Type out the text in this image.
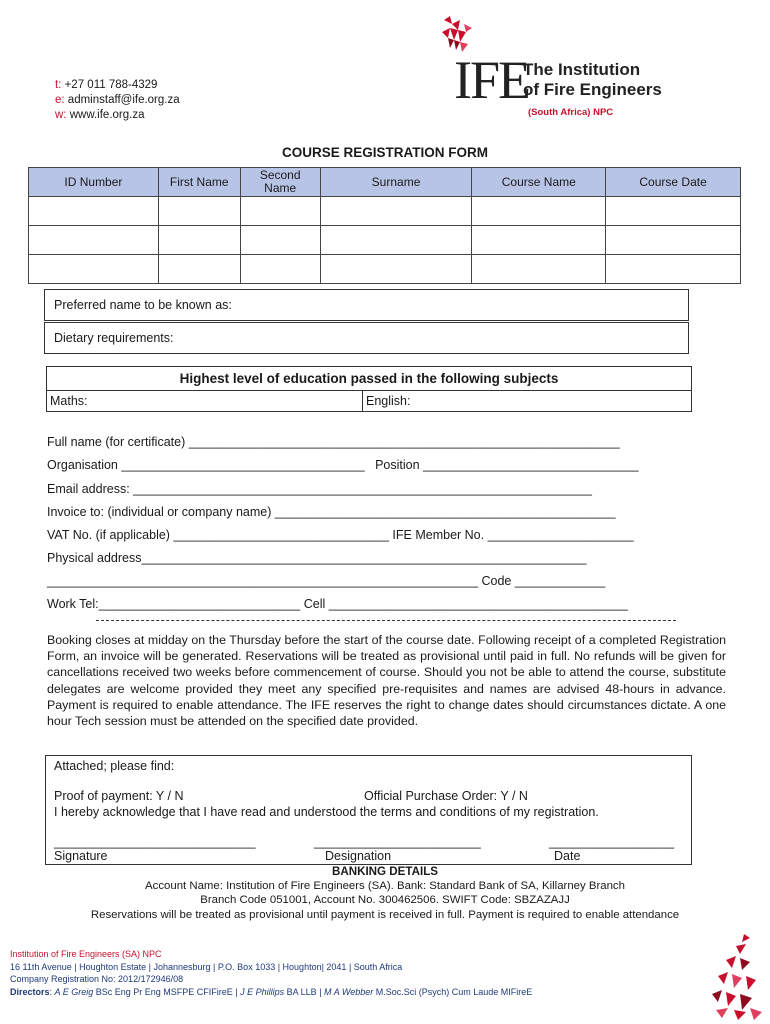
t: +27 011 788-4329
e: adminstaff@ife.org.za
w: www.ife.org.za
IFE
The Institution
of Fire Engineers
(South Africa) NPC
COURSE REGISTRATION FORM
ID Number	First Name	Second Name	Surname	Course Name	Course Date

Preferred name to be known as:
Dietary requirements:
Highest level of education passed in the following subjects
Maths:	English:
Full name (for certificate) ______________________________________________________________
Organisation ___________________________________   Position _______________________________
Email address: __________________________________________________________________
Invoice to: (individual or company name) _________________________________________________
VAT No. (if applicable) _______________________________ IFE Member No. _____________________
Physical address________________________________________________________________
______________________________________________________________ Code _____________
Work Tel:_____________________________ Cell ___________________________________________
Booking closes at midday on the Thursday before the start of the course date. Following receipt of a completed Registration Form, an invoice will be generated. Reservations will be treated as provisional until paid in full. No refunds will be given for cancellations received two weeks before commencement of course. Should you not be able to attend the course, substitute delegates are welcome provided they meet any specified pre-requisites and names are advised 48-hours in advance. Payment is required to enable attendance. The IFE reserves the right to change dates should circumstances dictate. A one hour Tech session must be attended on the specified date provided.
Attached; please find:
Proof of payment: Y / N	Official Purchase Order: Y / N
I hereby acknowledge that I have read and understood the terms and conditions of my registration.
_____________________________	________________________	__________________
Signature	Designation	Date
BANKING DETAILS
Account Name: Institution of Fire Engineers (SA). Bank: Standard Bank of SA, Killarney Branch
Branch Code 051001, Account No. 300462506. SWIFT Code: SBZAZAJJ
Reservations will be treated as provisional until payment is received in full. Payment is required to enable attendance
Institution of Fire Engineers (SA) NPC
16 11th Avenue | Houghton Estate | Johannesburg | P.O. Box 1033 | Houghton| 2041 | South Africa
Company Registration No: 2012/172946/08
Directors: A E Greig BSc Eng Pr Eng MSFPE CFIFireE | J E Phillips BA LLB | M A Webber M.Soc.Sci (Psych) Cum Laude MIFireE
